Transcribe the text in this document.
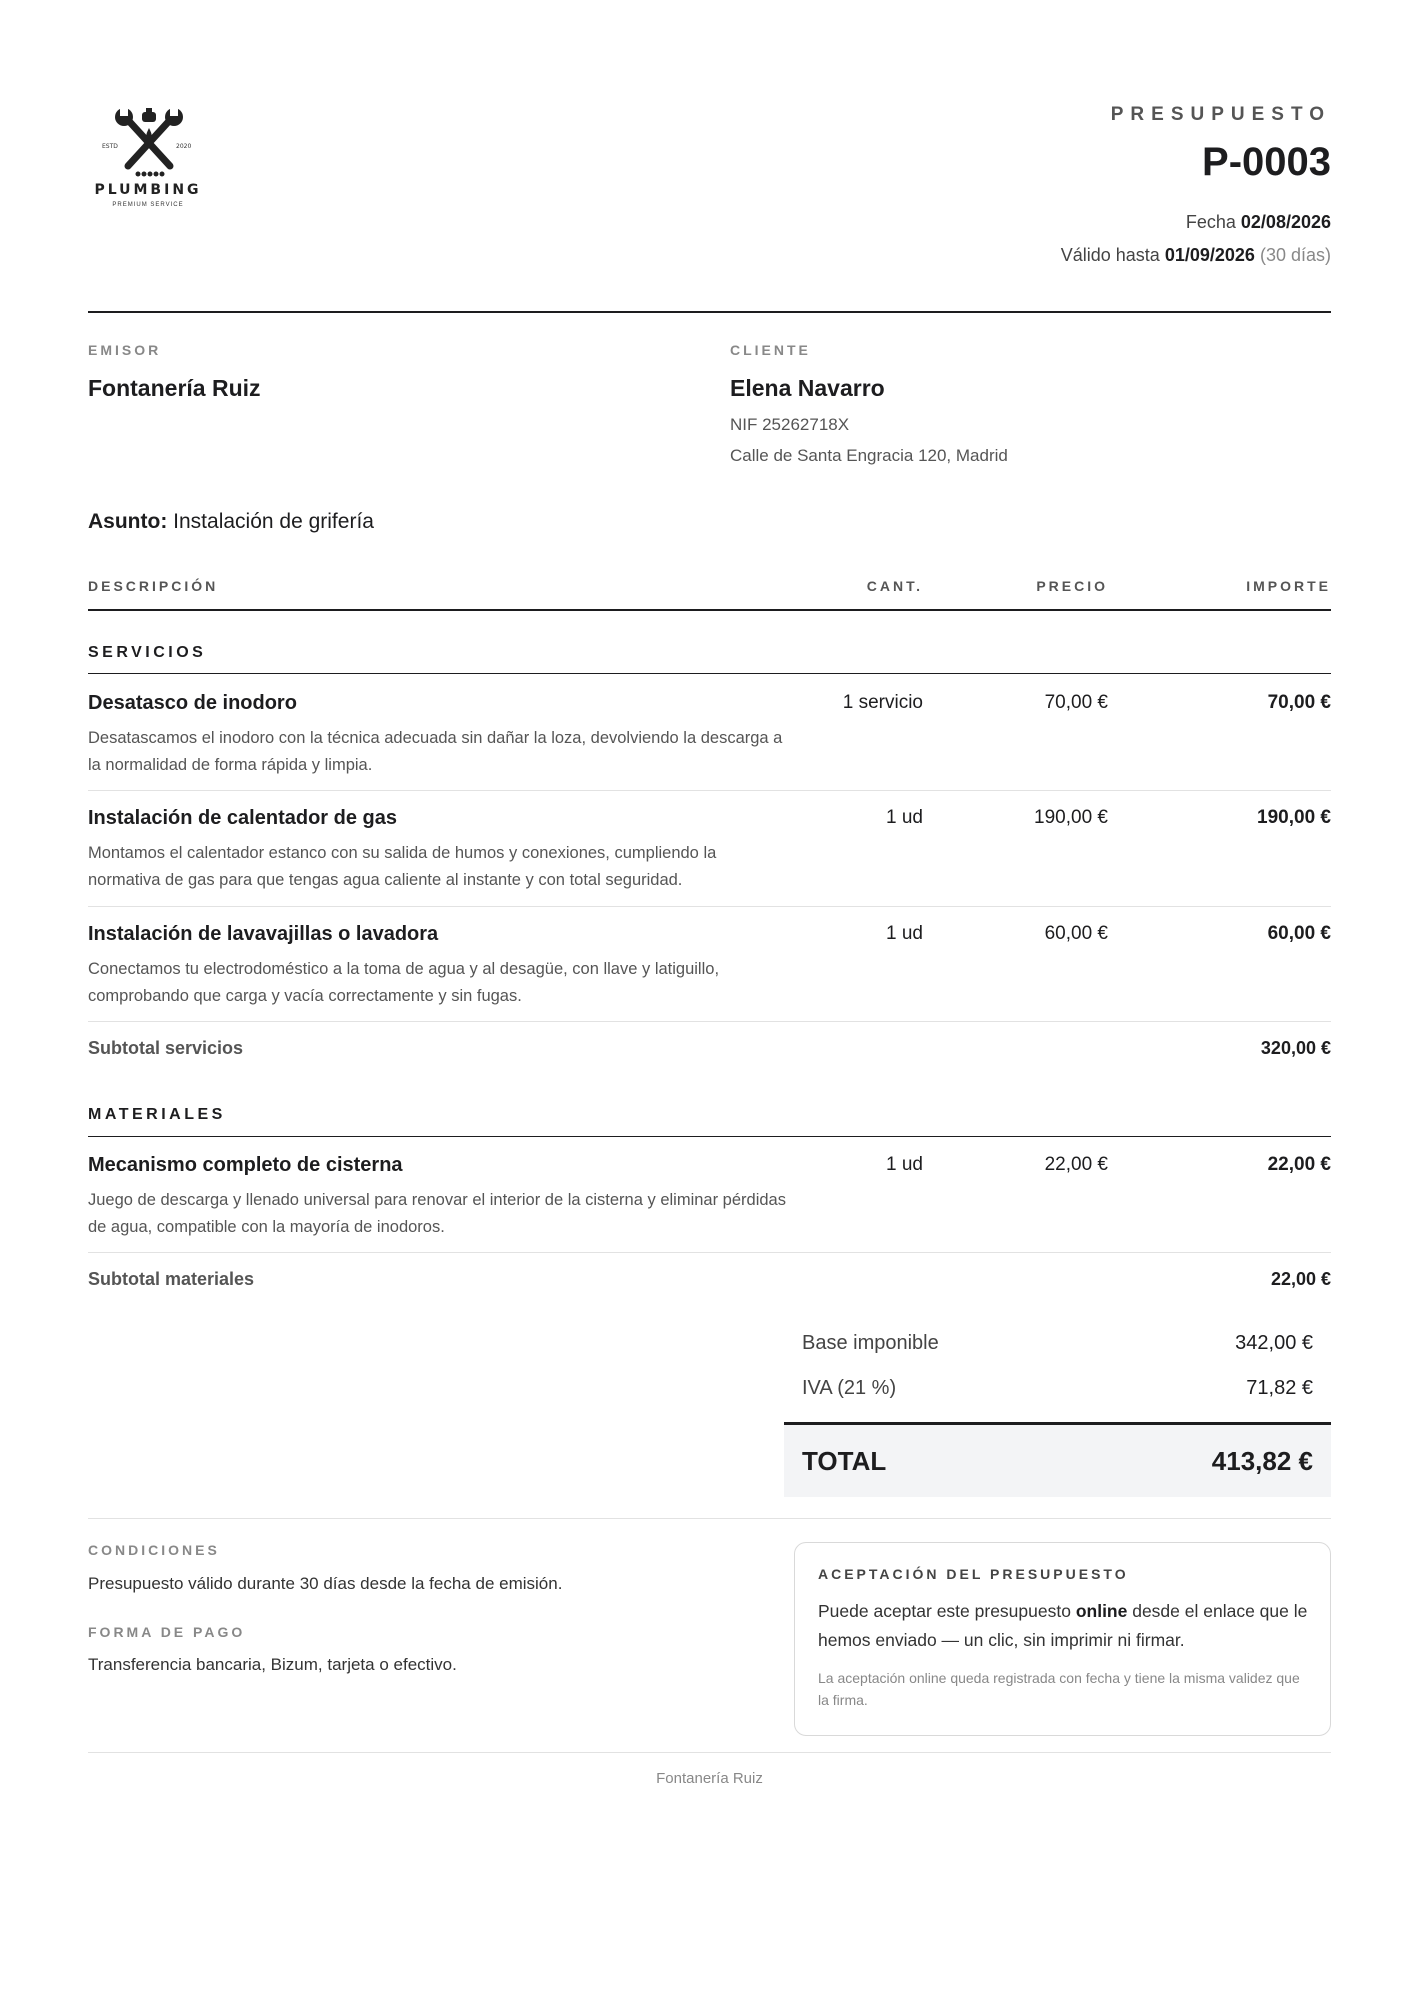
ESTD	2020
PLUMBING
PREMIUM SERVICE
PRESUPUESTO
P-0003
Fecha 02/08/2026
Válido hasta 01/09/2026 (30 días)
EMISOR
Fontanería Ruiz
CLIENTE
Elena Navarro
NIF 25262718X
Calle de Santa Engracia 120, Madrid
Asunto: Instalación de grifería
DESCRIPCIÓN	CANT.	PRECIO	IMPORTE
SERVICIOS
Desatasco de inodoro
Desatascamos el inodoro con la técnica adecuada sin dañar la loza, devolviendo la descarga a la normalidad de forma rápida y limpia.
1 servicio	70,00 €	70,00 €
Instalación de calentador de gas
Montamos el calentador estanco con su salida de humos y conexiones, cumpliendo la normativa de gas para que tengas agua caliente al instante y con total seguridad.
1 ud	190,00 €	190,00 €
Instalación de lavavajillas o lavadora
Conectamos tu electrodoméstico a la toma de agua y al desagüe, con llave y latiguillo, comprobando que carga y vacía correctamente y sin fugas.
1 ud	60,00 €	60,00 €
Subtotal servicios	320,00 €
MATERIALES
Mecanismo completo de cisterna
Juego de descarga y llenado universal para renovar el interior de la cisterna y eliminar pérdidas de agua, compatible con la mayoría de inodoros.
1 ud	22,00 €	22,00 €
Subtotal materiales	22,00 €
Base imponible	342,00 €
IVA (21 %)	71,82 €
TOTAL	413,82 €
CONDICIONES
Presupuesto válido durante 30 días desde la fecha de emisión.
FORMA DE PAGO
Transferencia bancaria, Bizum, tarjeta o efectivo.
ACEPTACIÓN DEL PRESUPUESTO
Puede aceptar este presupuesto online desde el enlace que le hemos enviado — un clic, sin imprimir ni firmar.
La aceptación online queda registrada con fecha y tiene la misma validez que la firma.
Fontanería Ruiz
